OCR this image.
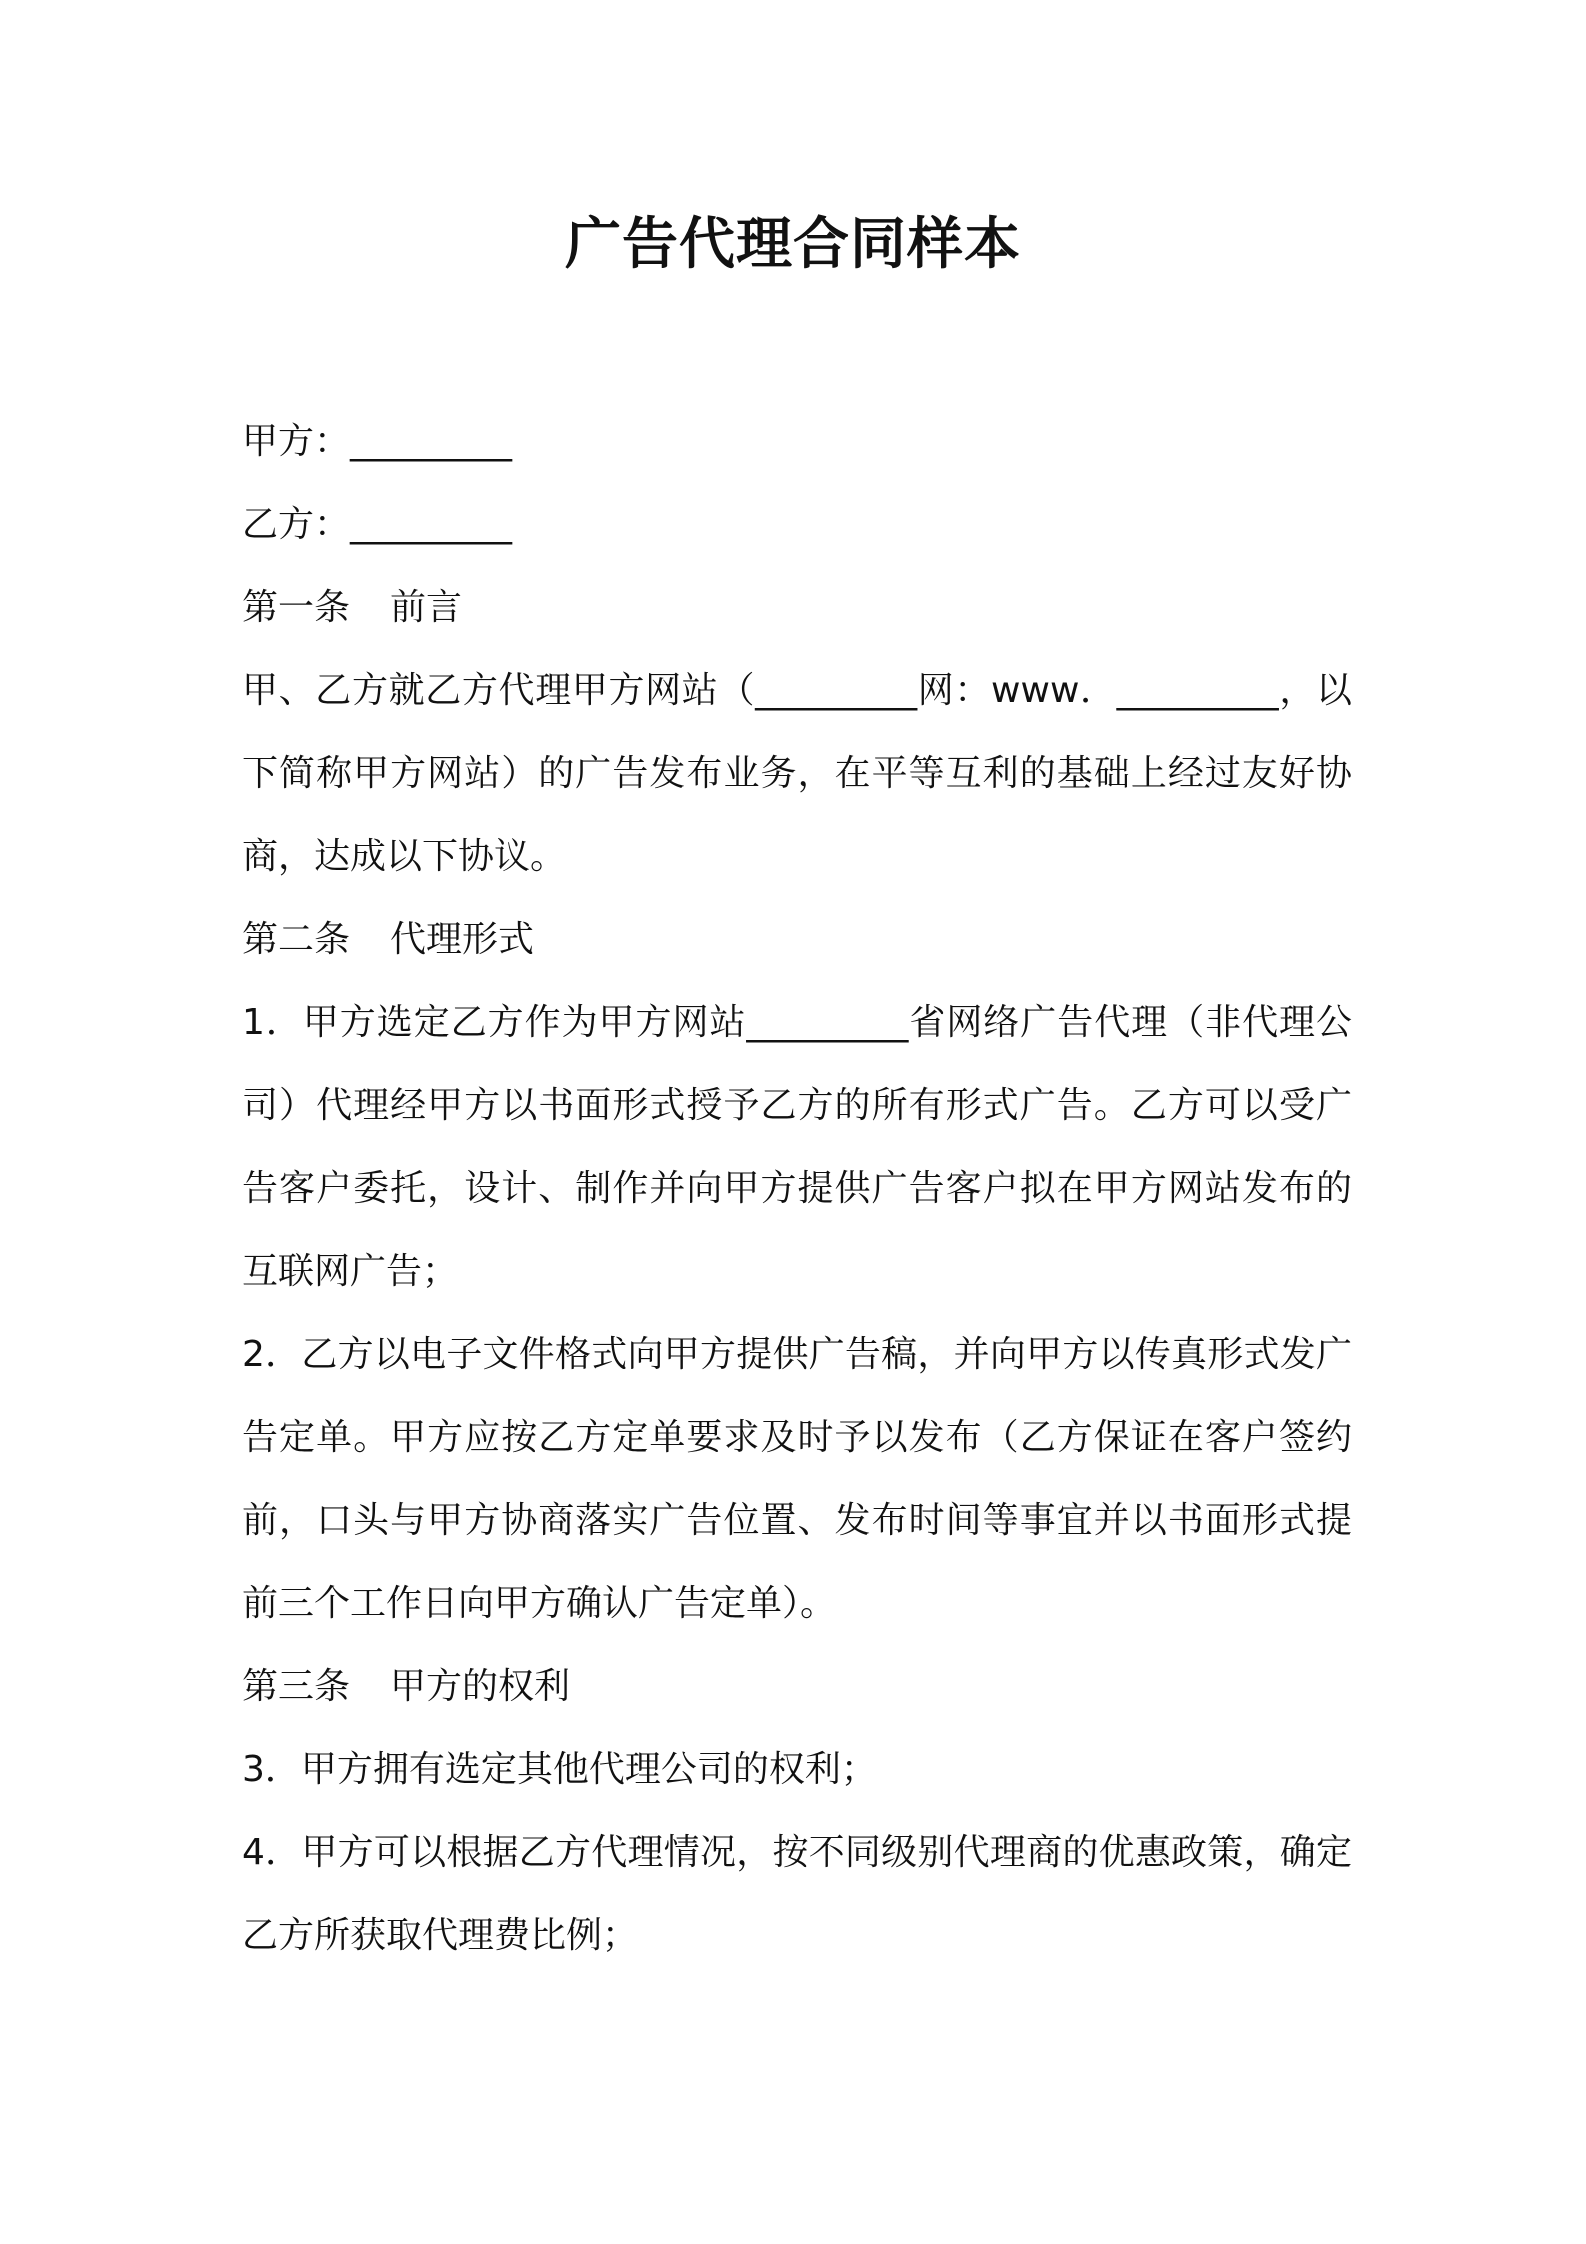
广告代理合同样本

甲方：_________

乙方：_________

第一条 前言

甲、乙方就乙方代理甲方网站（_________网：www．_________，以下简称甲方网站）的广告发布业务，在平等互利的基础上经过友好协商，达成以下协议。

第二条 代理形式

1．甲方选定乙方作为甲方网站_________省网络广告代理（非代理公司）代理经甲方以书面形式授予乙方的所有形式广告。乙方可以受广告客户委托，设计、制作并向甲方提供广告客户拟在甲方网站发布的互联网广告；

2．乙方以电子文件格式向甲方提供广告稿，并向甲方以传真形式发广告定单。甲方应按乙方定单要求及时予以发布（乙方保证在客户签约前，口头与甲方协商落实广告位置、发布时间等事宜并以书面形式提前三个工作日向甲方确认广告定单）。

第三条 甲方的权利

3．甲方拥有选定其他代理公司的权利；

4．甲方可以根据乙方代理情况，按不同级别代理商的优惠政策，确定乙方所获取代理费比例；
